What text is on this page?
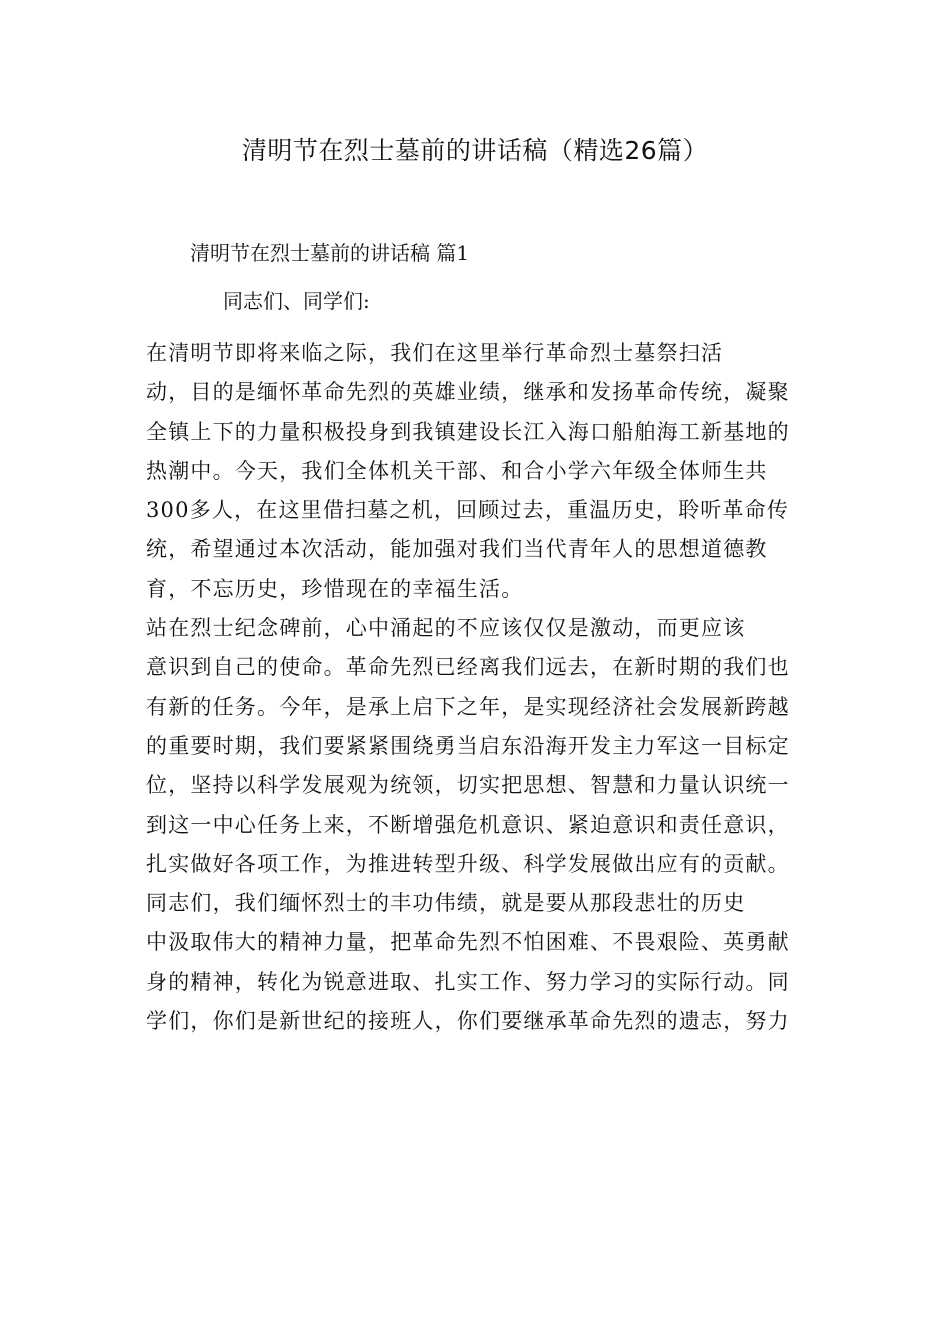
清明节在烈士墓前的讲话稿（精选26篇）
清明节在烈士墓前的讲话稿 篇1
同志们、同学们:

在清明节即将来临之际，我们在这里举行革命烈士墓祭扫活
动，目的是缅怀革命先烈的英雄业绩，继承和发扬革命传统，凝聚
全镇上下的力量积极投身到我镇建设长江入海口船舶海工新基地的
热潮中。今天，我们全体机关干部、和合小学六年级全体师生共
300多人，在这里借扫墓之机，回顾过去，重温历史，聆听革命传
统，希望通过本次活动，能加强对我们当代青年人的思想道德教
育，不忘历史，珍惜现在的幸福生活。

站在烈士纪念碑前，心中涌起的不应该仅仅是激动，而更应该
意识到自己的使命。革命先烈已经离我们远去，在新时期的我们也
有新的任务。今年，是承上启下之年，是实现经济社会发展新跨越
的重要时期，我们要紧紧围绕勇当启东沿海开发主力军这一目标定
位，坚持以科学发展观为统领，切实把思想、智慧和力量认识统一
到这一中心任务上来，不断增强危机意识、紧迫意识和责任意识，
扎实做好各项工作，为推进转型升级、科学发展做出应有的贡献。

同志们，我们缅怀烈士的丰功伟绩，就是要从那段悲壮的历史
中汲取伟大的精神力量，把革命先烈不怕困难、不畏艰险、英勇献
身的精神，转化为锐意进取、扎实工作、努力学习的实际行动。同
学们，你们是新世纪的接班人，你们要继承革命先烈的遗志，努力
